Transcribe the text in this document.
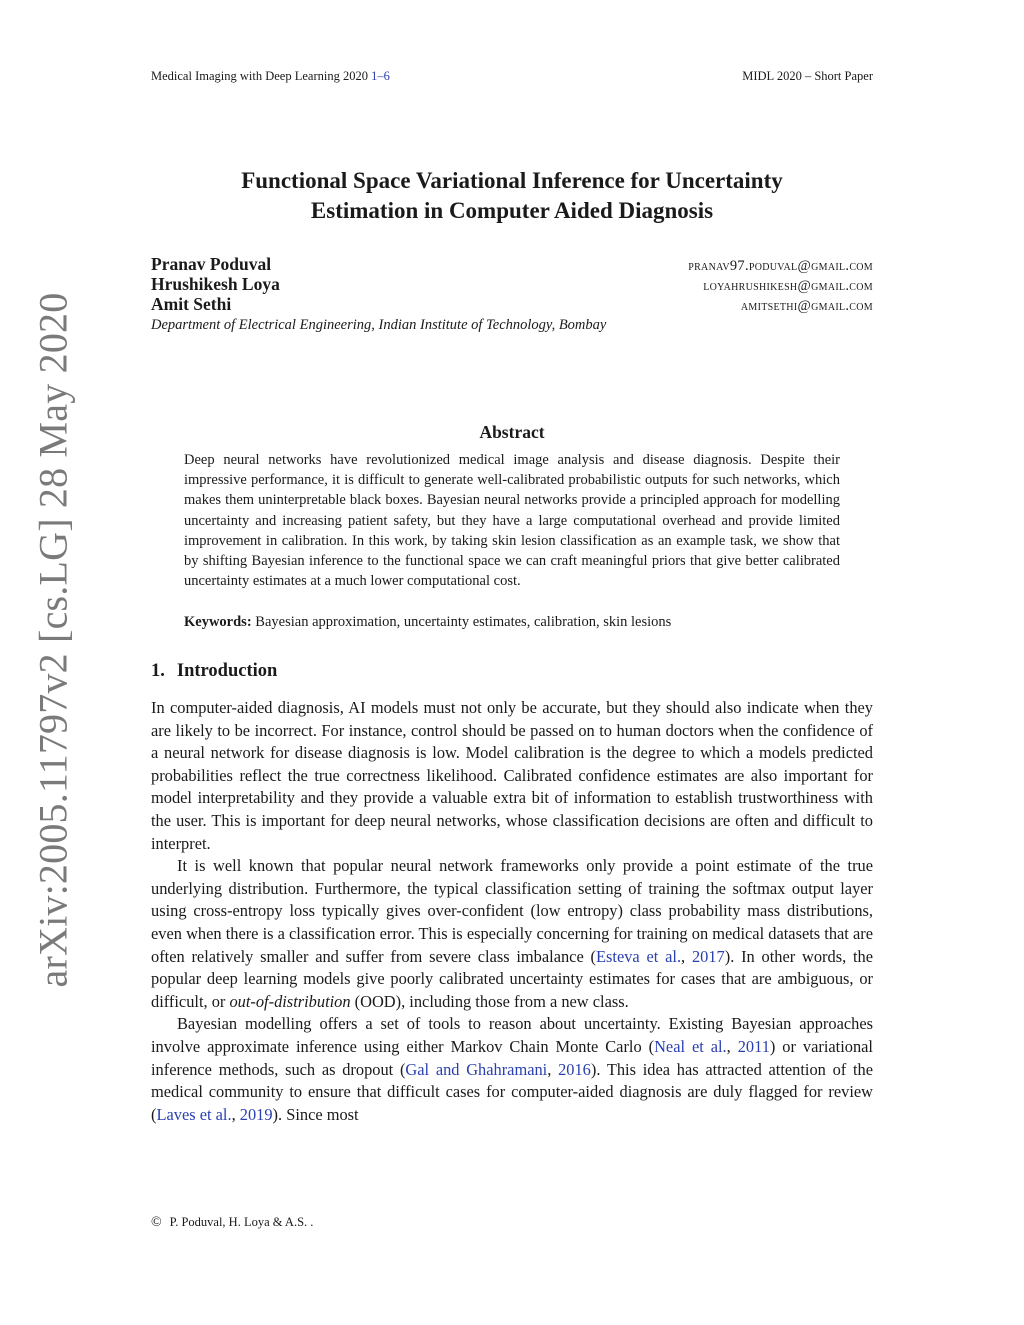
Medical Imaging with Deep Learning 2020 1–6	MIDL 2020 – Short Paper
arXiv:2005.11797v2 [cs.LG] 28 May 2020
Functional Space Variational Inference for Uncertainty
Estimation in Computer Aided Diagnosis
Pranav Poduval	pranav97.poduval@gmail.com
Hrushikesh Loya	loyahrushikesh@gmail.com
Amit Sethi	amitsethi@gmail.com
Department of Electrical Engineering, Indian Institute of Technology, Bombay
Abstract

Deep neural networks have revolutionized medical image analysis and disease diagnosis. Despite their impressive performance, it is difficult to generate well-calibrated probabilistic outputs for such networks, which makes them uninterpretable black boxes. Bayesian neural networks provide a principled approach for modelling uncertainty and increasing patient safety, but they have a large computational overhead and provide limited improvement in calibration. In this work, by taking skin lesion classification as an example task, we show that by shifting Bayesian inference to the functional space we can craft meaningful priors that give better calibrated uncertainty estimates at a much lower computational cost.

Keywords: Bayesian approximation, uncertainty estimates, calibration, skin lesions
1. Introduction

In computer-aided diagnosis, AI models must not only be accurate, but they should also indicate when they are likely to be incorrect. For instance, control should be passed on to human doctors when the confidence of a neural network for disease diagnosis is low. Model calibration is the degree to which a models predicted probabilities reflect the true correctness likelihood. Calibrated confidence estimates are also important for model interpretability and they provide a valuable extra bit of information to establish trustworthiness with the user. This is important for deep neural networks, whose classification decisions are often and difficult to interpret.

It is well known that popular neural network frameworks only provide a point estimate of the true underlying distribution. Furthermore, the typical classification setting of training the softmax output layer using cross-entropy loss typically gives over-confident (low entropy) class probability mass distributions, even when there is a classification error. This is especially concerning for training on medical datasets that are often relatively smaller and suffer from severe class imbalance (Esteva et al., 2017). In other words, the popular deep learning models give poorly calibrated uncertainty estimates for cases that are ambiguous, or difficult, or out-of-distribution (OOD), including those from a new class.

Bayesian modelling offers a set of tools to reason about uncertainty. Existing Bayesian approaches involve approximate inference using either Markov Chain Monte Carlo (Neal et al., 2011) or variational inference methods, such as dropout (Gal and Ghahramani, 2016). This idea has attracted attention of the medical community to ensure that difficult cases for computer-aided diagnosis are duly flagged for review (Laves et al., 2019). Since most

© P. Poduval, H. Loya & A.S. .
